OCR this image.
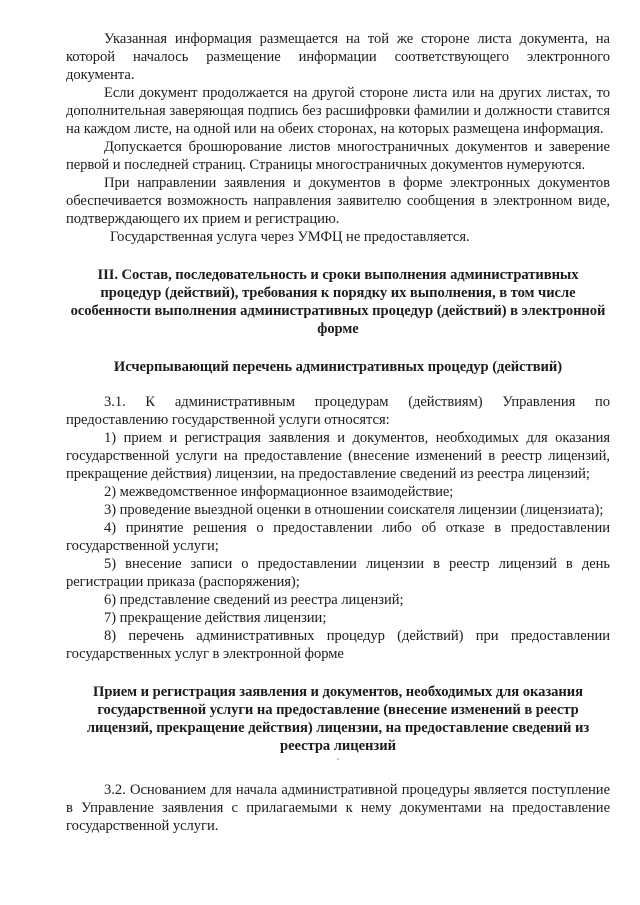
Указанная информация размещается на той же стороне листа документа, на которой началось размещение информации соответствующего электронного документа.

Если документ продолжается на другой стороне листа или на других листах, то дополнительная заверяющая подпись без расшифровки фамилии и должности ставится на каждом листе, на одной или на обеих сторонах, на которых размещена информация.

Допускается брошюрование листов многостраничных документов и заверение первой и последней страниц. Страницы многостраничных документов нумеруются.

При направлении заявления и документов в форме электронных документов обеспечивается возможность направления заявителю сообщения в электронном виде, подтверждающего их прием и регистрацию.

Государственная услуга через УМФЦ не предоставляется.

III. Состав, последовательность и сроки выполнения административных процедур (действий), требования к порядку их выполнения, в том числе особенности выполнения административных процедур (действий) в электронной форме
Исчерпывающий перечень административных процедур (действий)

3.1. К административным процедурам (действиям) Управления по предоставлению государственной услуги относятся:

1) прием и регистрация заявления и документов, необходимых для оказания государственной услуги на предоставление (внесение изменений в реестр лицензий, прекращение действия) лицензии, на предоставление сведений из реестра лицензий;

2) межведомственное информационное взаимодействие;

3) проведение выездной оценки в отношении соискателя лицензии (лицензиата);

4) принятие решения о предоставлении либо об отказе в предоставлении государственной услуги;

5) внесение записи о предоставлении лицензии в реестр лицензий в день регистрации приказа (распоряжения);

6) представление сведений из реестра лицензий;

7) прекращение действия лицензии;

8) перечень административных процедур (действий) при предоставлении государственных услуг в электронной форме

Прием и регистрация заявления и документов, необходимых для оказания государственной услуги на предоставление (внесение изменений в реестр лицензий, прекращение действия) лицензии, на предоставление сведений из реестра лицензий
·

3.2. Основанием для начала административной процедуры является поступление в Управление заявления с прилагаемыми к нему документами на предоставление государственной услуги.
